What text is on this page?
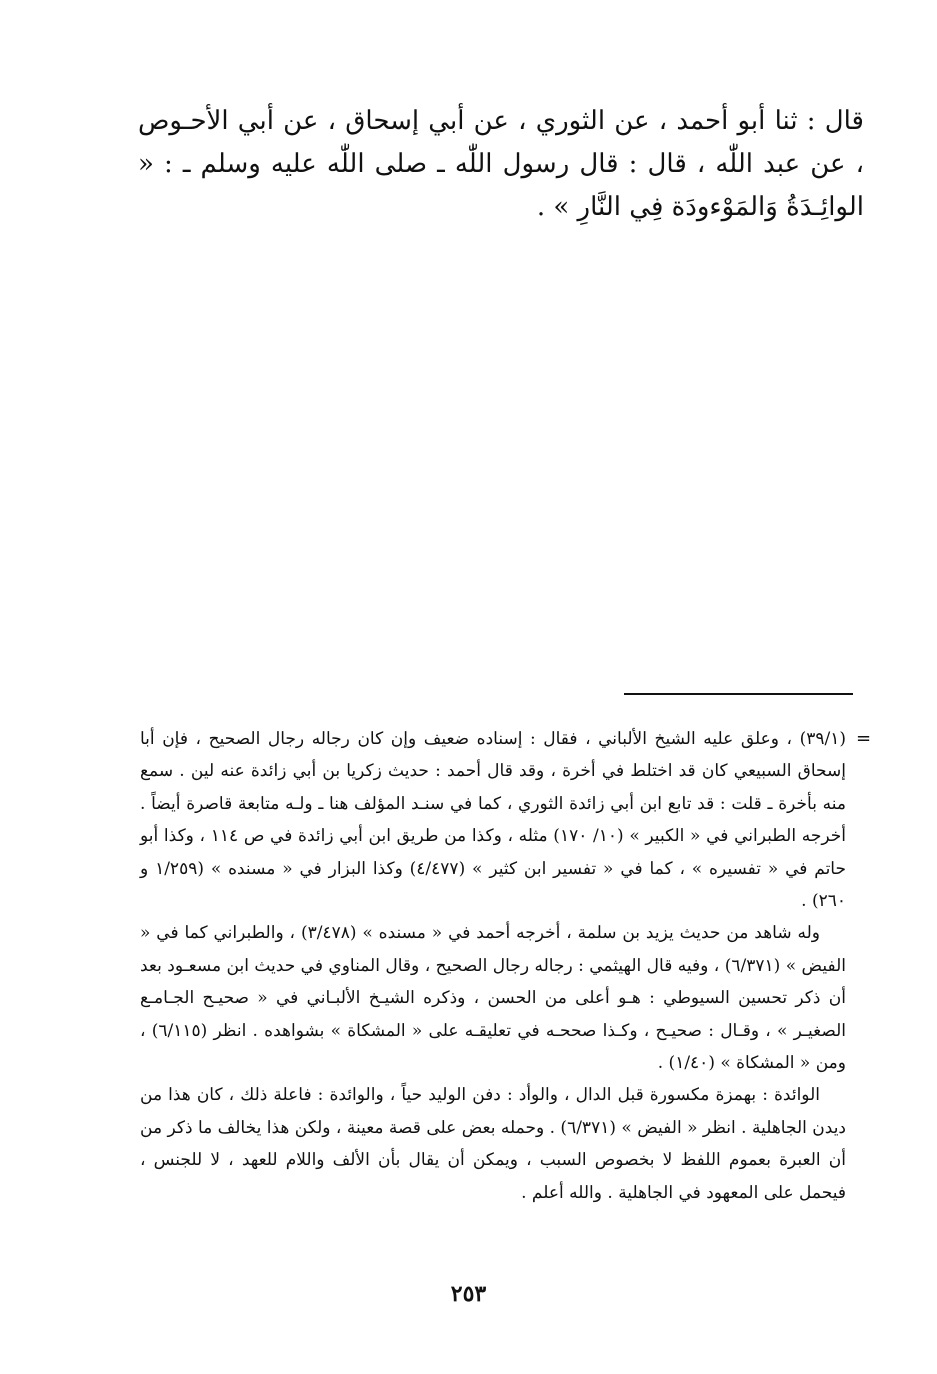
قال : ثنا أبو أحمد ، عن الثوري ، عن أبي إسحاق ، عن أبي الأحـوص ، عن عبد اللّٰه ، قال : قال رسول اللّٰه ـ صلى اللّٰه عليه وسلم ـ : « الوائِـدَةُ وَالمَوْءودَة فِي النَّارِ » .

=

(٣٩/١) ، وعلق عليه الشيخ الألباني ، فقال : إسناده ضعيف وإن كان رجاله رجال الصحيح ، فإن أبا إسحاق السبيعي كان قد اختلط في أخرة ، وقد قال أحمد : حديث زكريا بن أبي زائدة عنه لين . سمع منه بأخرة ـ قلت : قد تابع ابن أبي زائدة الثوري ، كما في سنـد المؤلف هنا ـ ولـه متابعة قاصرة أيضاً . أخرجه الطبراني في « الكبير » (١٠/ ١٧٠) مثله ، وكذا من طريق ابن أبي زائدة في ص ١١٤ ، وكذا أبو حاتم في « تفسيره » ، كما في « تفسير ابن كثير » (٤/٤٧٧) وكذا البزار في « مسنده » (١/٢٥٩ و ٢٦٠) .

وله شاهد من حديث يزيد بن سلمة ، أخرجه أحمد في « مسنده » (٣/٤٧٨) ، والطبراني كما في « الفيض » (٦/٣٧١) ، وفيه قال الهيثمي : رجاله رجال الصحيح ، وقال المناوي في حديث ابن مسعـود بعد أن ذكر تحسين السيوطي : هـو أعلى من الحسن ، وذكره الشيـخ الألبـاني في « صحيـح الجـامـع الصغيـر » ، وقـال : صحيـح ، وكـذا صححـه في تعليقـه على « المشكاة » بشواهده . انظر (٦/١١٥) ، ومن « المشكاة » (١/٤٠) .

الوائدة : بهمزة مكسورة قبل الدال ، والوأد : دفن الوليد حياً ، والوائدة : فاعلة ذلك ، كان هذا من ديدن الجاهلية . انظر « الفيض » (٦/٣٧١) . وحمله بعض على قصة معينة ، ولكن هذا يخالف ما ذكر من أن العبرة بعموم اللفظ لا بخصوص السبب ، ويمكن أن يقال بأن الألف واللام للعهد ، لا للجنس ، فيحمل على المعهود في الجاهلية . والله أعلم .

٢٥٣
